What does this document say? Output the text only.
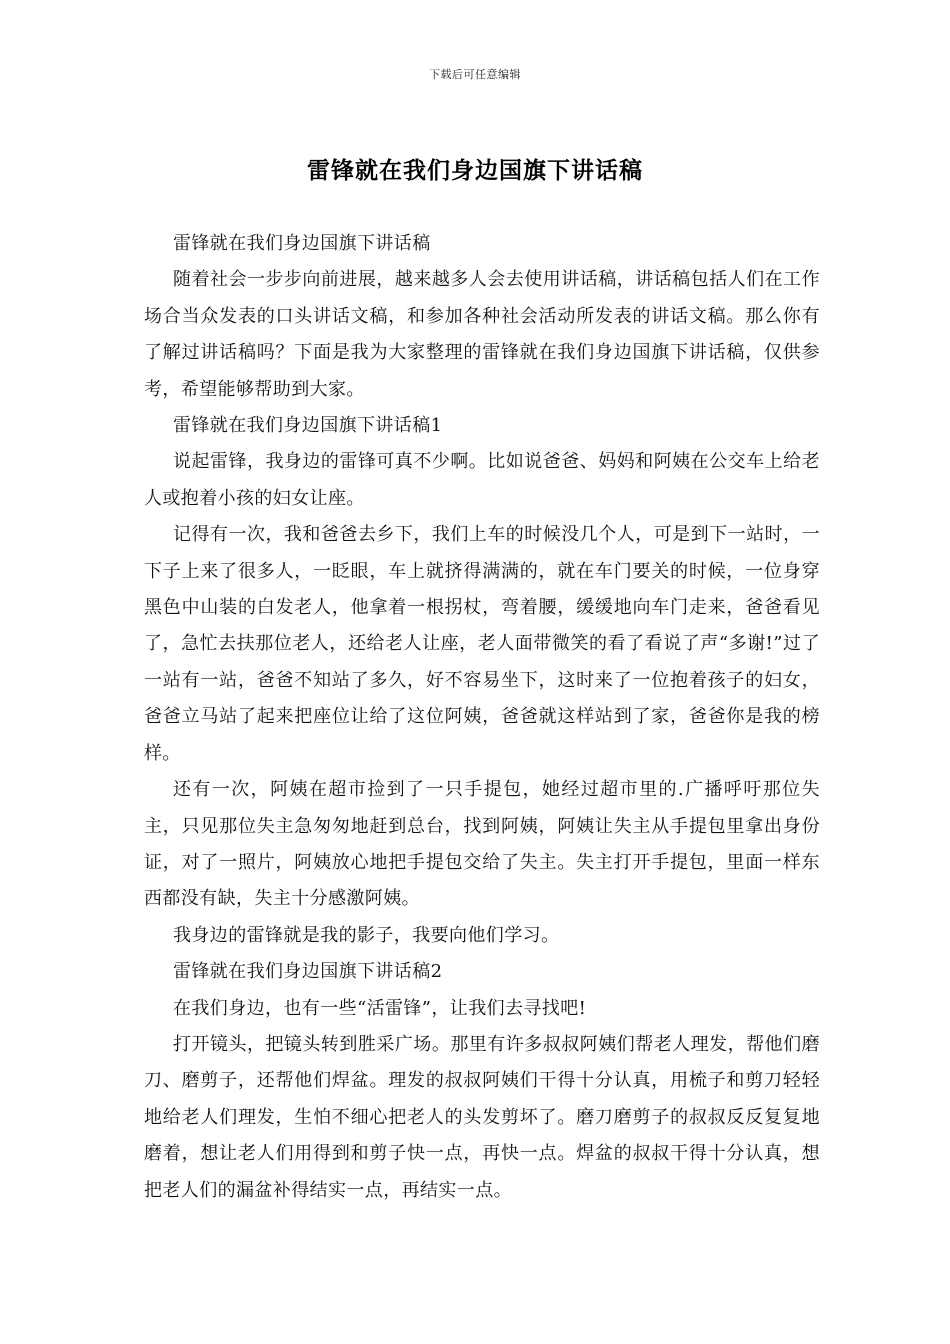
下载后可任意编辑
雷锋就在我们身边国旗下讲话稿

雷锋就在我们身边国旗下讲话稿

随着社会一步步向前进展，越来越多人会去使用讲话稿，讲话稿包括人们在工作场合当众发表的口头讲话文稿，和参加各种社会活动所发表的讲话文稿。那么你有了解过讲话稿吗？下面是我为大家整理的雷锋就在我们身边国旗下讲话稿，仅供参考，希望能够帮助到大家。

雷锋就在我们身边国旗下讲话稿1

说起雷锋，我身边的雷锋可真不少啊。比如说爸爸、妈妈和阿姨在公交车上给老人或抱着小孩的妇女让座。

记得有一次，我和爸爸去乡下，我们上车的时候没几个人，可是到下一站时，一下子上来了很多人，一眨眼，车上就挤得满满的，就在车门要关的时候，一位身穿黑色中山装的白发老人，他拿着一根拐杖，弯着腰，缓缓地向车门走来，爸爸看见了，急忙去扶那位老人，还给老人让座，老人面带微笑的看了看说了声“多谢!”过了一站有一站，爸爸不知站了多久，好不容易坐下，这时来了一位抱着孩子的妇女，爸爸立马站了起来把座位让给了这位阿姨，爸爸就这样站到了家，爸爸你是我的榜样。

还有一次，阿姨在超市捡到了一只手提包，她经过超市里的.广播呼吁那位失主，只见那位失主急匆匆地赶到总台，找到阿姨，阿姨让失主从手提包里拿出身份证，对了一照片，阿姨放心地把手提包交给了失主。失主打开手提包，里面一样东西都没有缺，失主十分感激阿姨。

我身边的雷锋就是我的影子，我要向他们学习。

雷锋就在我们身边国旗下讲话稿2

在我们身边，也有一些“活雷锋”，让我们去寻找吧!

打开镜头，把镜头转到胜采广场。那里有许多叔叔阿姨们帮老人理发，帮他们磨刀、磨剪子，还帮他们焊盆。理发的叔叔阿姨们干得十分认真，用梳子和剪刀轻轻地给老人们理发，生怕不细心把老人的头发剪坏了。磨刀磨剪子的叔叔反反复复地磨着，想让老人们用得到和剪子快一点，再快一点。焊盆的叔叔干得十分认真，想把老人们的漏盆补得结实一点，再结实一点。
